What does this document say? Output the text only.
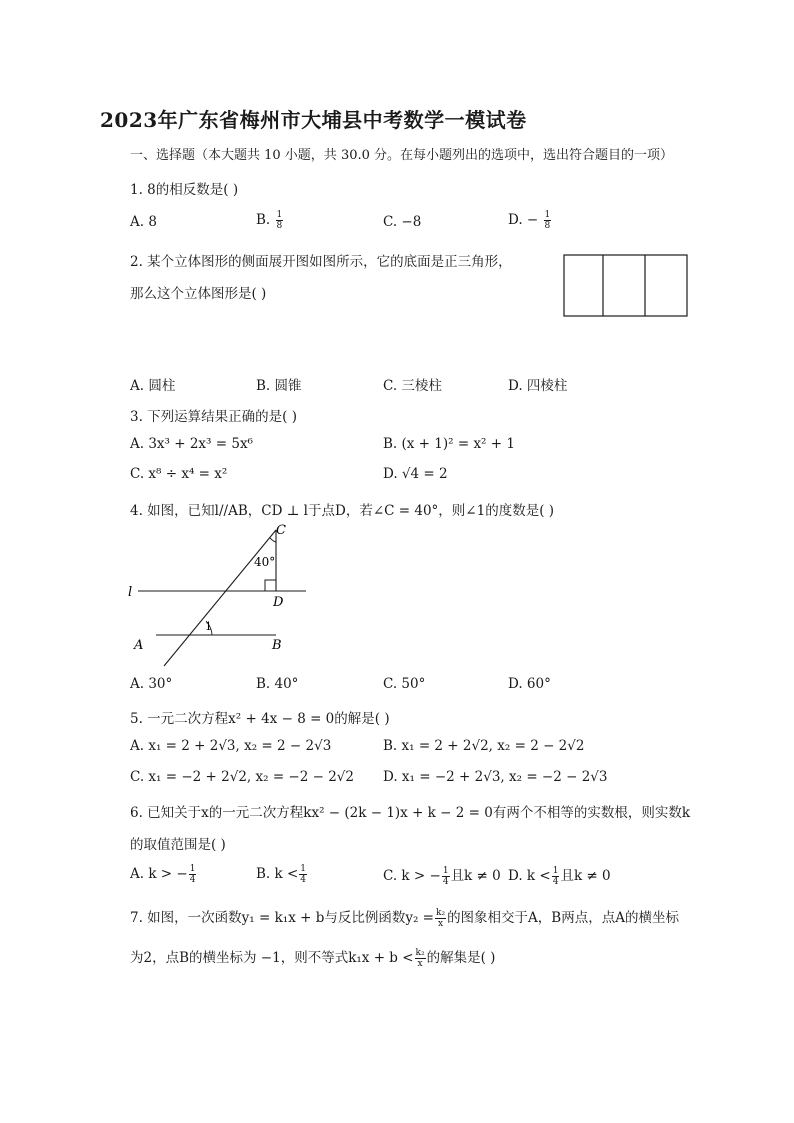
2023年广东省梅州市大埔县中考数学一模试卷
一、选择题（本大题共 10 小题，共 30.0 分。在每小题列出的选项中，选出符合题目的一项）
1. 8的相反数是( )
A. 8	B. $\frac{1}{8}$	C. −8	D. − $\frac{1}{8}$
2. 某个立体图形的侧面展开图如图所示，它的底面是正三角形，
那么这个立体图形是( )
A. 圆柱	B. 圆锥	C. 三棱柱	D. 四棱柱
3. 下列运算结果正确的是( )
A. 3x³ + 2x³ = 5x⁶	B. (x + 1)² = x² + 1
C. x⁸ ÷ x⁴ = x²	D. √4 = 2
4. 如图，已知l//AB，CD ⊥ l于点D，若∠C = 40°，则∠1的度数是( )
C
40°
l
D
1
A	B
A. 30°	B. 40°	C. 50°	D. 60°
5. 一元二次方程x² + 4x − 8 = 0的解是( )
A. x₁ = 2 + 2√3, x₂ = 2 − 2√3	B. x₁ = 2 + 2√2, x₂ = 2 − 2√2
C. x₁ = −2 + 2√2, x₂ = −2 − 2√2 D. x₁ = −2 + 2√3, x₂ = −2 − 2√3
6. 已知关于x的一元二次方程kx² − (2k − 1)x + k − 2 = 0有两个不相等的实数根，则实数k
的取值范围是( )
A. k > − $\frac{1}{4}$	B. $k < \frac{1}{4}$	C. k > − $\frac{1}{4}$ 且k ≠ 0 D. $k < \frac{1}{4}$ 且k ≠ 0
7. 如图，一次函数y₁ = k₁x + b与反比例函数$y_2 = \frac{\text{k₂}}{x}$ 的图象相交于A，B两点，点A的横坐标
为2，点B的横坐标为 −1，则不等式$k_1x + b < \frac{\text{k₂}}{x}$ 的解集是( )
